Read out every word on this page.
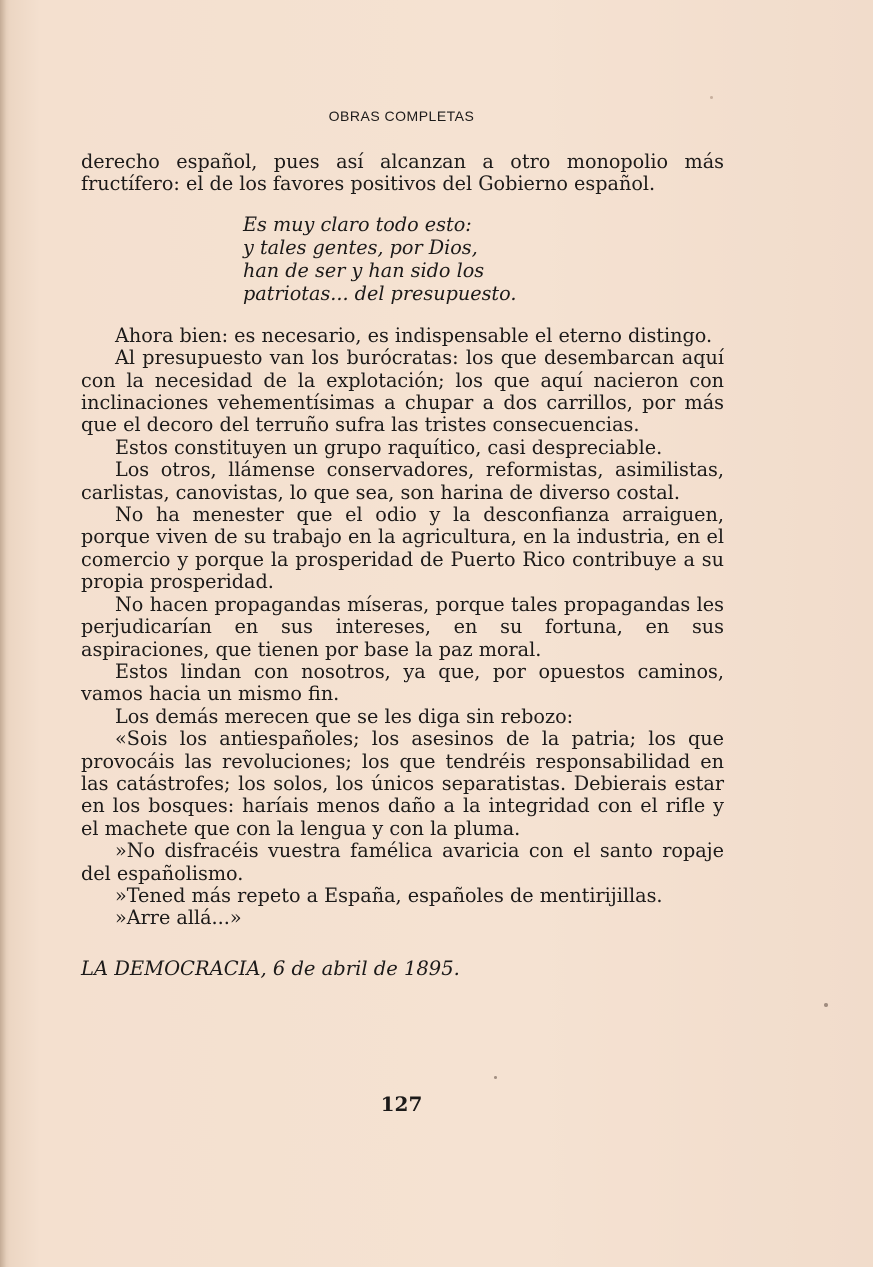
OBRAS COMPLETAS

derecho español, pues así alcanzan a otro monopolio más fructífero: el de los favores positivos del Gobierno español.

Es muy claro todo esto:
y tales gentes, por Dios,
han de ser y han sido los
patriotas... del presupuesto.

Ahora bien: es necesario, es indispensable el eterno distingo.

Al presupuesto van los burócratas: los que desembarcan aquí con la necesidad de la explotación; los que aquí nacieron con inclinaciones vehementísimas a chupar a dos carrillos, por más que el decoro del terruño sufra las tristes consecuencias.

Estos constituyen un grupo raquítico, casi despreciable.

Los otros, llámense conservadores, reformistas, asimilistas, carlistas, canovistas, lo que sea, son harina de diverso costal.

No ha menester que el odio y la desconfianza arraiguen, porque viven de su trabajo en la agricultura, en la industria, en el comercio y porque la prosperidad de Puerto Rico contribuye a su propia prosperidad.

No hacen propagandas míseras, porque tales propagandas les perjudicarían en sus intereses, en su fortuna, en sus aspiraciones, que tienen por base la paz moral.

Estos lindan con nosotros, ya que, por opuestos caminos, vamos hacia un mismo fin.

Los demás merecen que se les diga sin rebozo:

«Sois los antiespañoles; los asesinos de la patria; los que provocáis las revoluciones; los que tendréis responsabilidad en las catástrofes; los solos, los únicos separatistas. Debierais estar en los bosques: haríais menos daño a la integridad con el rifle y el machete que con la lengua y con la pluma.

»No disfracéis vuestra famélica avaricia con el santo ropaje del españolismo.

»Tened más repeto a España, españoles de mentirijillas.

»Arre allá...»

LA DEMOCRACIA, 6 de abril de 1895.
127
